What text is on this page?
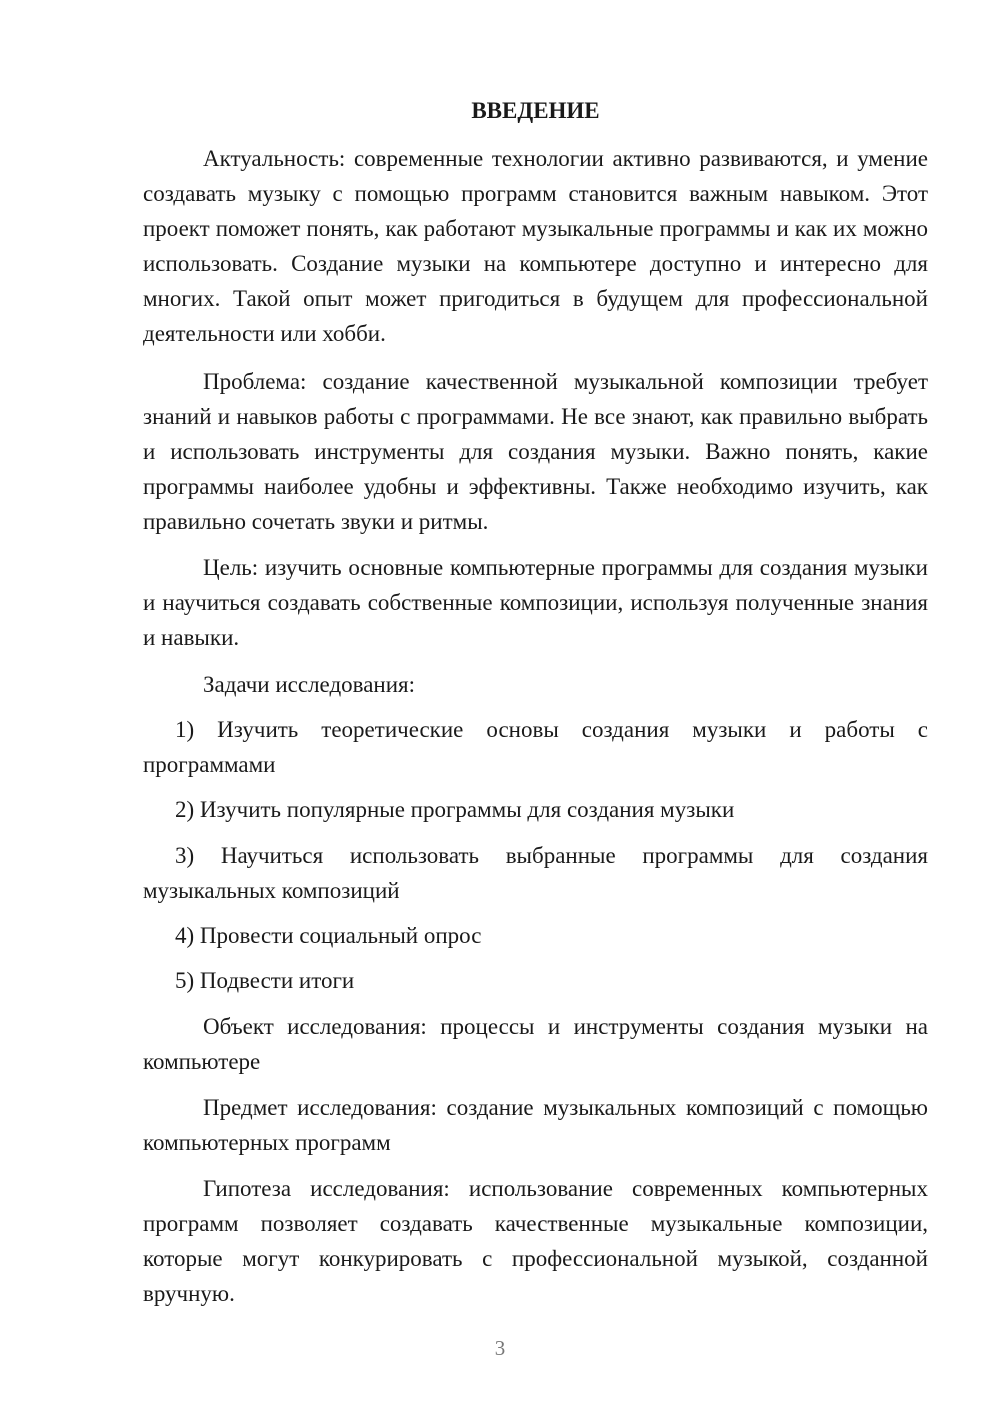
ВВЕДЕНИЕ

Актуальность: современные технологии активно развиваются, и умение создавать музыку с помощью программ становится важным навыком. Этот проект поможет понять, как работают музыкальные программы и как их можно использовать. Создание музыки на компьютере доступно и интересно для многих. Такой опыт может пригодиться в будущем для профессиональной деятельности или хобби.

Проблема: создание качественной музыкальной композиции требует знаний и навыков работы с программами. Не все знают, как правильно выбрать и использовать инструменты для создания музыки. Важно понять, какие программы наиболее удобны и эффективны. Также необходимо изучить, как правильно сочетать звуки и ритмы.

Цель: изучить основные компьютерные программы для создания музыки и научиться создавать собственные композиции, используя полученные знания и навыки.

Задачи исследования:

1) Изучить теоретические основы создания музыки и работы с программами

2) Изучить популярные программы для создания музыки

3) Научиться использовать выбранные программы для создания музыкальных композиций

4) Провести социальный опрос

5) Подвести итоги

Объект исследования: процессы и инструменты создания музыки на компьютере

Предмет исследования: создание музыкальных композиций с помощью компьютерных программ

Гипотеза исследования: использование современных компьютерных программ позволяет создавать качественные музыкальные композиции, которые могут конкурировать с профессиональной музыкой, созданной вручную.

3
